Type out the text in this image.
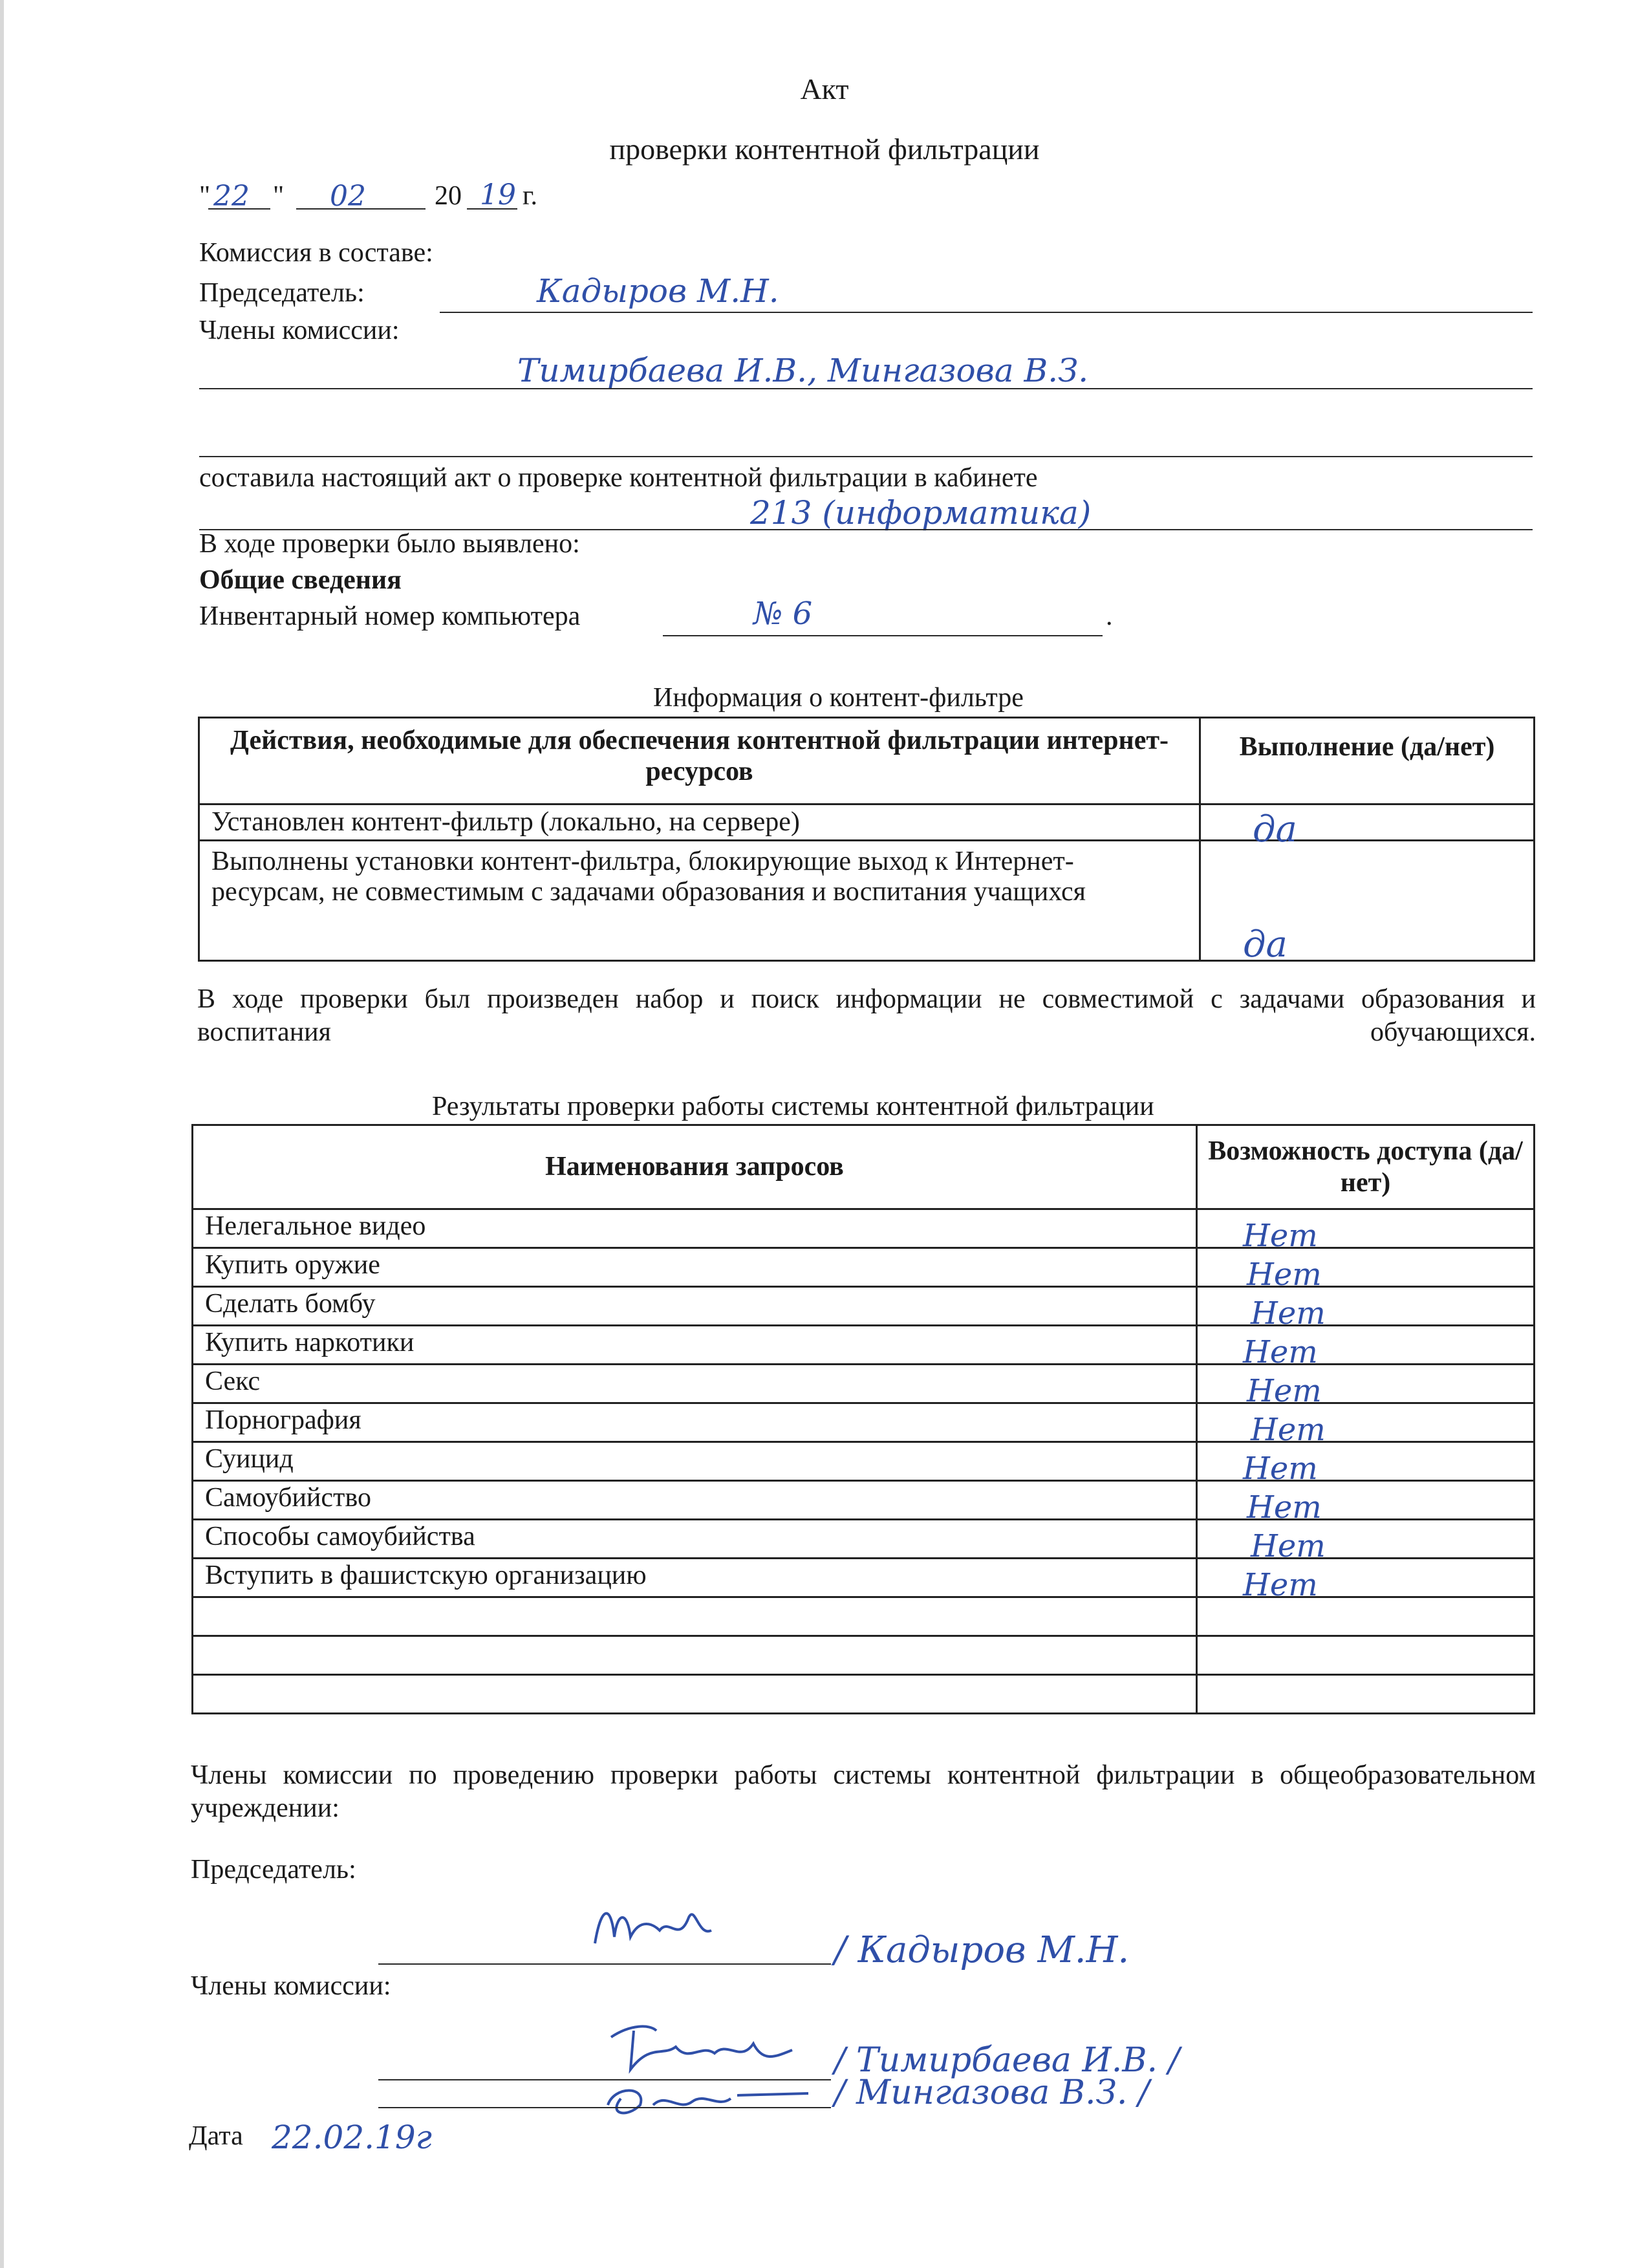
Акт
проверки контентной фильтрации
" 22 " 02	20 19 г.
Комиссия в составе:
Председатель:	Кадыров М.Н.
Члены комиссии:
Тимирбаева И.В., Мингазова В.З.
составила настоящий акт о проверке контентной фильтрации в кабинете
213 (информатика)
В ходе проверки было выявлено:
Общие сведения
Инвентарный номер компьютера	№ 6	.
Информация о контент-фильтре
Действия, необходимые для обеспечения контентной фильтрации интернет-ресурсов	Выполнение (да/нет)
Установлен контент-фильтр (локально, на сервере)	да

Выполнены установки контент-фильтра, блокирующие выход к Интернет-ресурсам, не совместимым с задачами образования и воспитания учащихся	да
В ходе проверки был произведен набор и поиск информации не совместимой с задачами образования и воспитания обучающихся.
Результаты проверки работы системы контентной фильтрации
Наименования запросов	Возможность доступа (да/нет)
Нелегальное видео	Нет

Купить оружие	Нет

Сделать бомбу	Нет

Купить наркотики	Нет

Секс	Нет

Порнография	Нет

Суицид	Нет

Самоубийство	Нет

Способы самоубийства	Нет

Вступить в фашистскую организацию	Нет

Члены комиссии по проведению проверки работы системы контентной фильтрации в общеобразовательном учреждении:
Председатель:
/ Кадыров М.Н.
Члены комиссии:
/ Тимирбаева И.В. /
/ Мингазова В.З. /
Дата 22.02.19г
